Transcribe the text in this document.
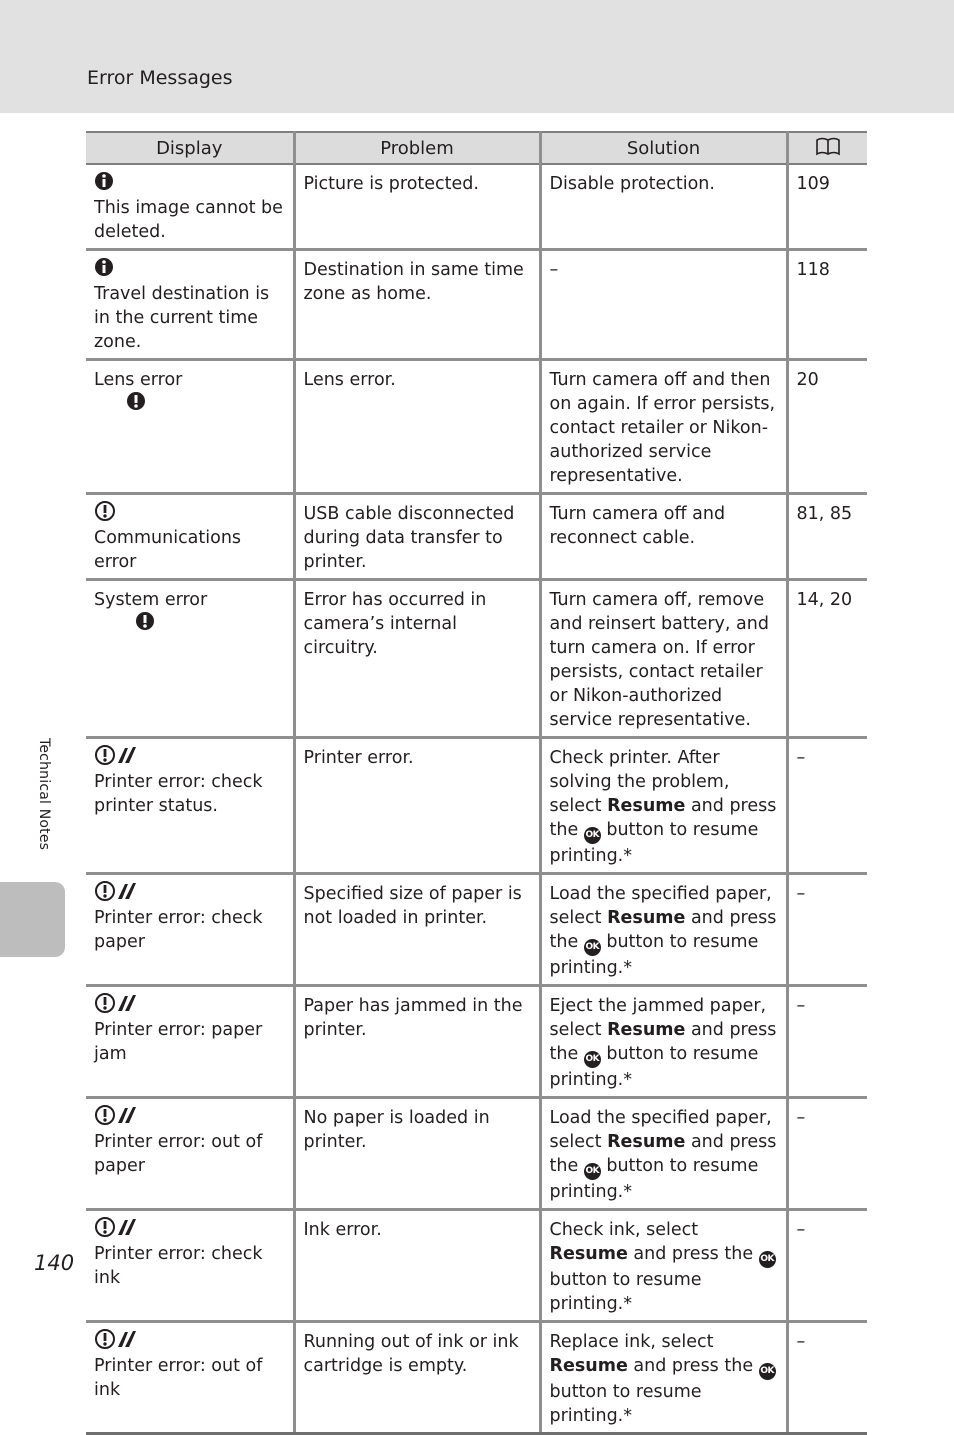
Error Messages
Technical Notes
Display	Problem	Solution	

This image cannot be deleted.	Picture is protected.	Disable protection.	109

Travel destination is in the current time zone.	Destination in same time zone as home.	–	118

Lens error	Lens error.	Turn camera off and then on again. If error persists, contact retailer or Nikon-authorized service representative.	20

Communications error	USB cable disconnected during data transfer to printer.	Turn camera off and reconnect cable.	81, 85

System error	Error has occurred in camera’s internal circuitry.	Turn camera off, remove and reinsert battery, and turn camera on. If error persists, contact retailer or Nikon-authorized service representative.	14, 20

Printer error: check printer status.	Printer error.	Check printer. After solving the problem, select Resume and press the OK button to resume printing.*	–

Printer error: check paper	Specified size of paper is not loaded in printer.	Load the specified paper, select Resume and press the OK button to resume printing.*	–

Printer error: paper jam	Paper has jammed in the printer.	Eject the jammed paper, select Resume and press the OK button to resume printing.*	–

Printer error: out of paper	No paper is loaded in printer.	Load the specified paper, select Resume and press the OK button to resume printing.*	–

Printer error: check ink	Ink error.	Check ink, select Resume and press the OK button to resume printing.*	–

Printer error: out of ink	Running out of ink or ink cartridge is empty.	Replace ink, select Resume and press the OK button to resume printing.*	–
140
